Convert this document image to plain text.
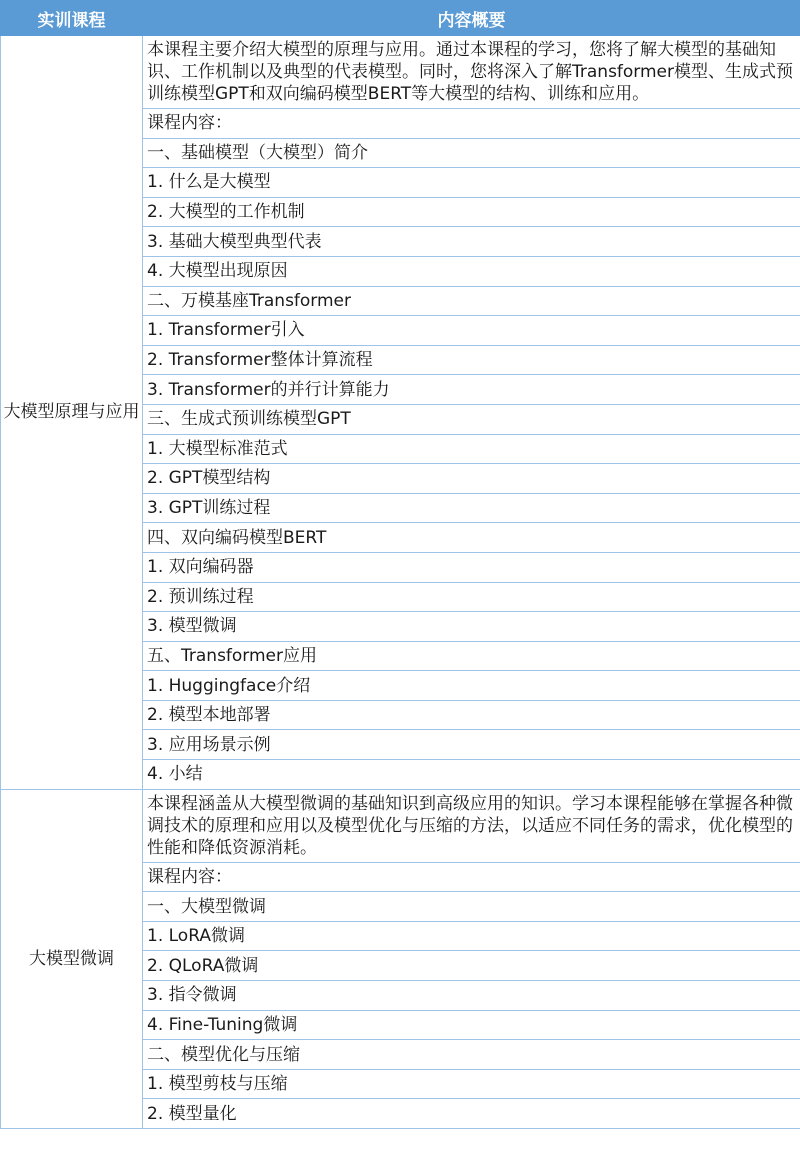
实训课程	内容概要
大模型原理与应用	本课程主要介绍大模型的原理与应用。通过本课程的学习，您将了解大模型的基础知识、工作机制以及典型的代表模型。同时，您将深入了解Transformer模型、生成式预训练模型GPT和双向编码模型BERT等大模型的结构、训练和应用。
	课程内容：
	一、基础模型（大模型）简介
	1. 什么是大模型
	2. 大模型的工作机制
	3. 基础大模型典型代表
	4. 大模型出现原因
	二、万模基座Transformer
	1. Transformer引入
	2. Transformer整体计算流程
	3. Transformer的并行计算能力
	三、生成式预训练模型GPT
	1. 大模型标准范式
	2. GPT模型结构
	3. GPT训练过程
	四、双向编码模型BERT
	1. 双向编码器
	2. 预训练过程
	3. 模型微调
	五、Transformer应用
	1. Huggingface介绍
	2. 模型本地部署
	3. 应用场景示例
	4. 小结
大模型微调	本课程涵盖从大模型微调的基础知识到高级应用的知识。学习本课程能够在掌握各种微调技术的原理和应用以及模型优化与压缩的方法，以适应不同任务的需求，优化模型的性能和降低资源消耗。
	课程内容：
	一、大模型微调
	1. LoRA微调
	2. QLoRA微调
	3. 指令微调
	4. Fine-Tuning微调
	二、模型优化与压缩
	1. 模型剪枝与压缩
	2. 模型量化
